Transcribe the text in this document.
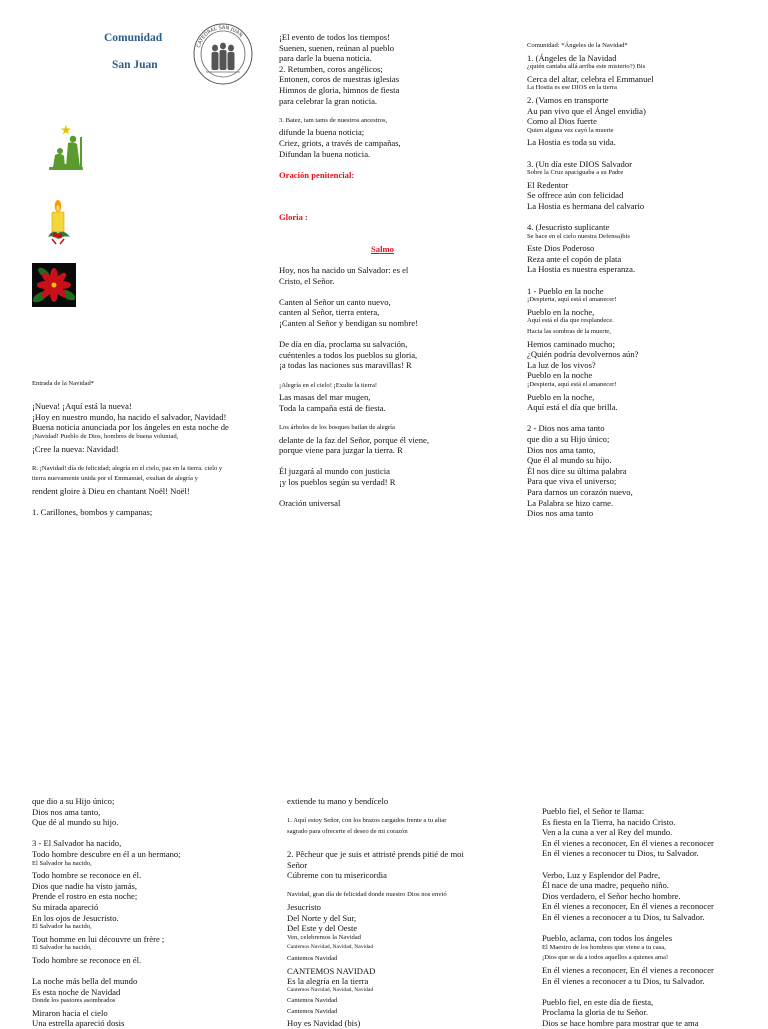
Comunidad
San Juan
CATEDRAL SAN JUAN
Entrada de la Navidad*
¡Nueva! ¡Aquí está la nueva!
¡Hoy en nuestro mundo, ha nacido el salvador, Navidad!
Buena noticia anunciada por los ángeles en esta noche de
¡Navidad! Pueblo de Dios, hombres de buena voluntad,
¡Cree la nueva: Navidad!
R. ¡Navidad! día de felicidad; alegría en el cielo, paz en la tierra. cielo y
tierra nuevamente unida por el Emmanuel, exultan de alegría y
rendent gloire à Dieu en chantant Noël! Noël!
1. Carillones, bombos y campanas;
¡El evento de todos los tiempos!
Suenen, suenen, reúnan al pueblo
para darle la buena noticia.
2. Retumben, coros angélicos;
Entonen, coros de nuestras iglesias
Himnos de gloria, himnos de fiesta
para celebrar la gran noticia.
3. Batez, tam tams de nuestros ancestros,
difunde la buena noticia;
Criez, griots, a través de campañas,
Difundan la buena noticia.
Oración penitencial:
Gloria :
Salmo
Hoy, nos ha nacido un Salvador: es el
Cristo, el Señor.
Canten al Señor un canto nuevo,
canten al Señor, tierra entera,
¡Canten al Señor y bendigan su nombre!
De día en día, proclama su salvación,
cuéntenles a todos los pueblos su gloria,
¡a todas las naciones sus maravillas! R
¡Alegría en el cielo! ¡Exulte la tierra!
Las masas del mar mugen,
Toda la campaña está de fiesta.
Los árboles de los bosques bailan de alegría
delante de la faz del Señor, porque él viene,
porque viene para juzgar la tierra. R
Él juzgará al mundo con justicia
¡y los pueblos según su verdad! R
Oración universal
Comunidad: *Ángeles de la Navidad*
1. (Ángeles de la Navidad
¿quién cantaba allá arriba este misterio?) Bis
Cerca del altar, celebra el Emmanuel
La Hostia es ese DIOS en la tierra
2. (Vamos en transporte
Au pan vivo que el Ángel envidia)
Como al Dios fuerte
Quien alguna vez cayó la muerte
La Hostia es toda su vida.
3. (Un día este DIOS Salvador
Sobre la Cruz apaciguaba a su Padre
El Redentor
Se offrece aún con felicidad
La Hostia es hermana del calvario
4. (Jesucristo suplicante
Se hace en el cielo nuestra Defensa)bis
Este Dios Poderoso
Reza ante el copón de plata
La Hostia es nuestra esperanza.
1 - Pueblo en la noche
¡Despierta, aquí está el amanecer!
Pueblo en la noche,
Aquí está el día que resplandece.
Hacia las sombras de la muerte,
Hemos caminado mucho;
¿Quién podría devolvernos aún?
La luz de los vivos?
Pueblo en la noche
¡Despierta, aquí está el amanecer!
Pueblo en la noche,
Aquí está el día que brilla.
2 - Dios nos ama tanto
que dio a su Hijo único;
Dios nos ama tanto,
Que él al mundo su hijo.
Él nos dice su última palabra
Para que viva el universo;
Para darnos un corazón nuevo,
La Palabra se hizo carne.
Dios nos ama tanto
que dio a su Hijo único;
Dios nos ama tanto,
Que dé al mundo su hijo.
3 - El Salvador ha nacido,
Todo hombre descubre en él a un hermano;
El Salvador ha nacido,
Todo hombre se reconoce en él.
Dios que nadie ha visto jamás,
Prende el rostro en esta noche;
Su mirada apareció
En los ojos de Jesucristo.
El Salvador ha nacido,
Tout homme en lui découvre un frère ;
El Salvador ha nacido,
Todo hombre se reconoce en él.
La noche más bella del mundo
Es esta noche de Navidad
Donde los pastores asombrados
Miraron hacia el cielo
Una estrella apareció dosis
extiende tu mano y bendícelo
1. Aquí estoy Señor, con los brazos cargados frente a tu altar
sagrado para ofrecerte el deseo de mi corazón
2. Pêcheur que je suis et attristé prends pitié de moi
Señor
Cúbreme con tu misericordia
Navidad, gran día de felicidad donde nuestro Dios nos envió
Jesucristo
Del Norte y del Sur,
Del Este y del Oeste
Ven, celebremos la Navidad
Cantemos Navidad, Navidad, Navidad
Cantemos Navidad
CANTEMOS NAVIDAD
Es la alegría en la tierra
Cantemos Navidad, Navidad, Navidad
Cantemos Navidad
Cantemos Navidad
Hoy es Navidad (bis)
Pueblo fiel, el Señor te llama:
Es fiesta en la Tierra, ha nacido Cristo.
Ven a la cuna a ver al Rey del mundo.
En él vienes a reconocer, En él vienes a reconocer
En él vienes a reconocer tu Dios, tu Salvador.
Verbo, Luz y Esplendor del Padre,
Él nace de una madre, pequeño niño.
Dios verdadero, el Señor hecho hombre.
En él vienes a reconocer, En él vienes a reconocer
En él vienes a reconocer a tu Dios, tu Salvador.
Pueblo, aclama, con todos los ángeles
El Maestro de los hombres que viene a tu casa,
¡Dios que se da a todos aquellos a quienes ama!
En él vienes a reconocer, En él vienes a reconocer
En él vienes a reconocer a tu Dios, tu Salvador.
Pueblo fiel, en este día de fiesta,
Proclama la gloria de tu Señor.
Dios se hace hombre para mostrar que te ama
